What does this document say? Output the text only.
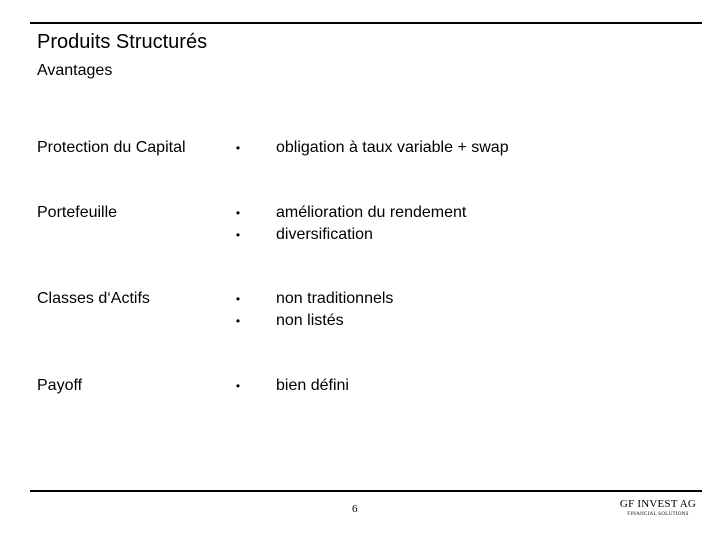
Produits Structurés
Avantages
Protection du Capital	• obligation à taux variable + swap
Portefeuille	• amélioration du rendement
• diversification
Classes d‘Actifs	• non traditionnels
• non listés
Payoff	• bien défini
6	GF INVEST AG
FINANCIAL SOLUTIONS
